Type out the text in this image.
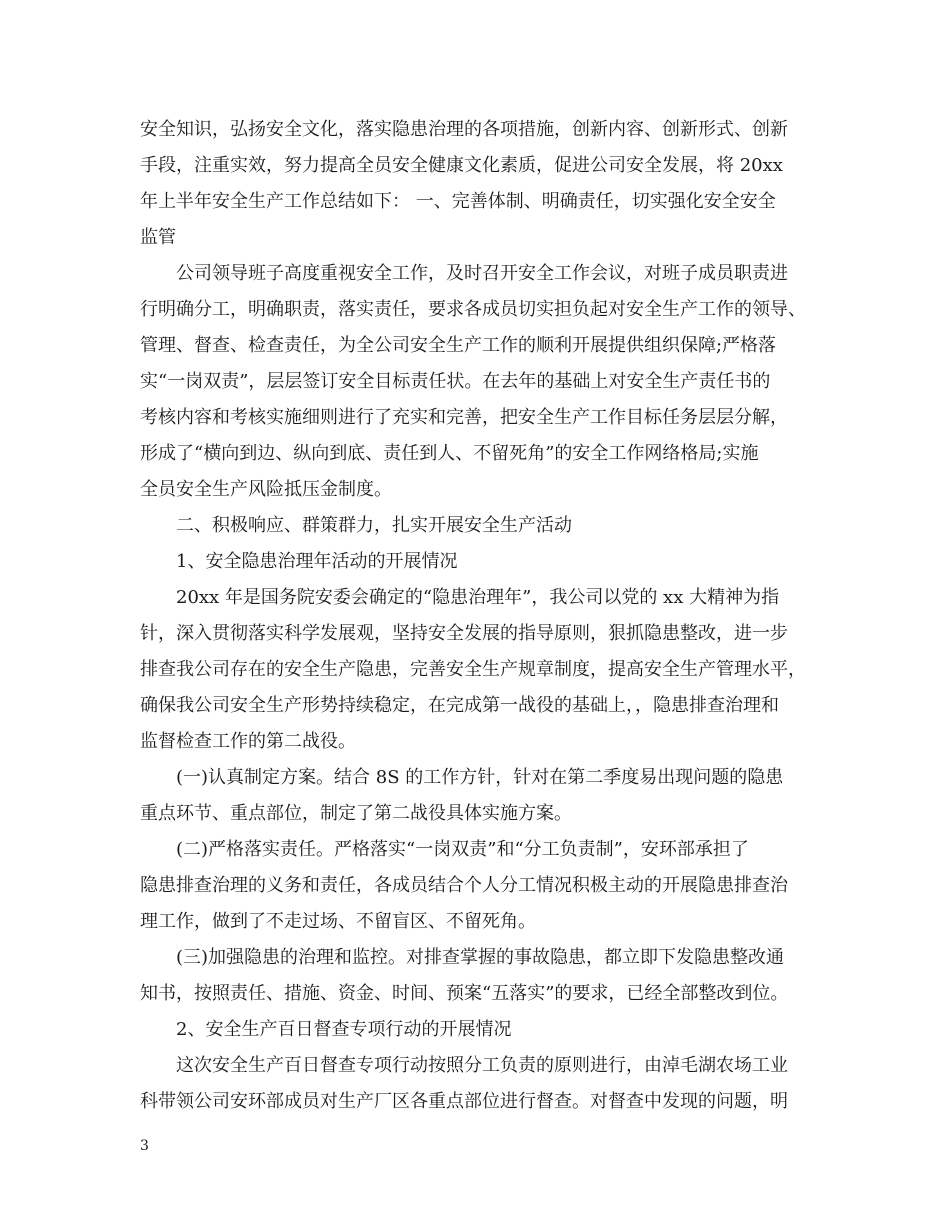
安全知识，弘扬安全文化，落实隐患治理的各项措施，创新内容、创新形式、创新
手段，注重实效，努力提高全员安全健康文化素质，促进公司安全发展，将 20xx
年上半年安全生产工作总结如下： 一、完善体制、明确责任，切实强化安全安全
监管
公司领导班子高度重视安全工作，及时召开安全工作会议，对班子成员职责进
行明确分工，明确职责，落实责任，要求各成员切实担负起对安全生产工作的领导、
管理、督查、检查责任，为全公司安全生产工作的顺利开展提供组织保障;严格落
实“一岗双责”，层层签订安全目标责任状。在去年的基础上对安全生产责任书的
考核内容和考核实施细则进行了充实和完善，把安全生产工作目标任务层层分解，
形成了“横向到边、纵向到底、责任到人、不留死角”的安全工作网络格局;实施
全员安全生产风险抵压金制度。
二、积极响应、群策群力，扎实开展安全生产活动
1、安全隐患治理年活动的开展情况
20xx 年是国务院安委会确定的“隐患治理年”，我公司以党的 xx 大精神为指
针，深入贯彻落实科学发展观，坚持安全发展的指导原则，狠抓隐患整改，进一步
排查我公司存在的安全生产隐患，完善安全生产规章制度，提高安全生产管理水平，
确保我公司安全生产形势持续稳定，在完成第一战役的基础上，，隐患排查治理和
监督检查工作的第二战役。
(一)认真制定方案。结合 8S 的工作方针，针对在第二季度易出现问题的隐患
重点环节、重点部位，制定了第二战役具体实施方案。
(二)严格落实责任。严格落实“一岗双责”和“分工负责制”，安环部承担了
隐患排查治理的义务和责任，各成员结合个人分工情况积极主动的开展隐患排查治
理工作，做到了不走过场、不留盲区、不留死角。
(三)加强隐患的治理和监控。对排查掌握的事故隐患，都立即下发隐患整改通
知书，按照责任、措施、资金、时间、预案“五落实”的要求，已经全部整改到位。
2、安全生产百日督查专项行动的开展情况
这次安全生产百日督查专项行动按照分工负责的原则进行，由淖毛湖农场工业
科带领公司安环部成员对生产厂区各重点部位进行督查。对督查中发现的问题，明
3
